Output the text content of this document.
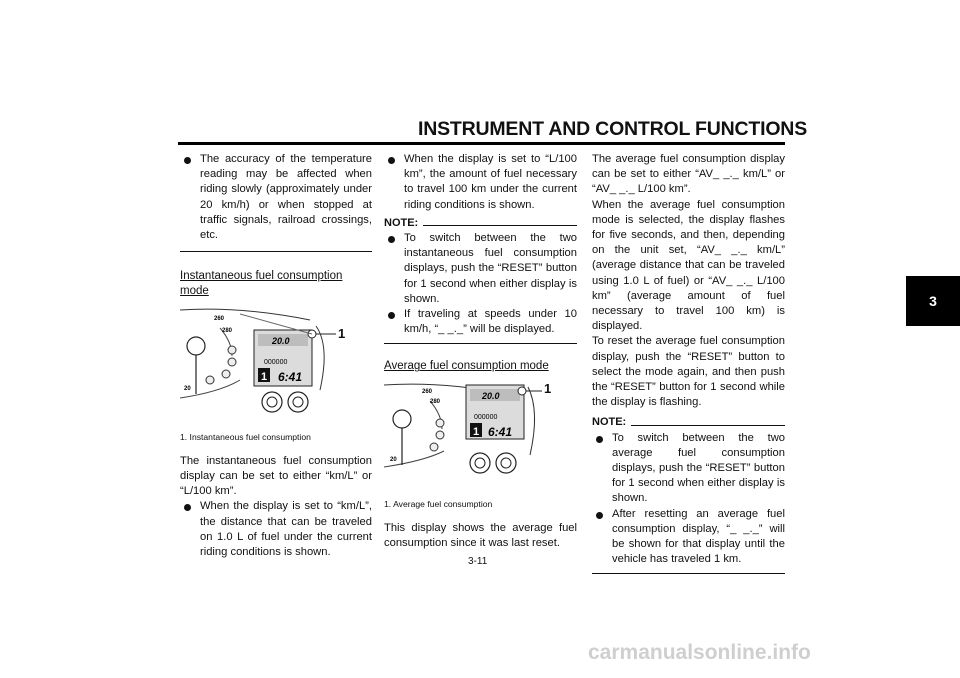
INSTRUMENT AND CONTROL FUNCTIONS
3
The accuracy of the temperature reading may be affected when riding slowly (approximately under 20 km/h) or when stopped at traffic signals, railroad crossings, etc.
Instantaneous fuel consumption mode
260
280
20
20.0
000000
1 6:41
1
1. Instantaneous fuel consumption

The instantaneous fuel consumption display can be set to either “km/L” or “L/100 km”.

When the display is set to “km/L”, the distance that can be traveled on 1.0 L of fuel under the current riding conditions is shown.
When the display is set to “L/100 km”, the amount of fuel necessary to travel 100 km under the current riding conditions is shown.
NOTE:
To switch between the two instantaneous fuel consumption displays, push the “RESET” button for 1 second when either display is shown.
If traveling at speeds under 10 km/h, “_ _._” will be displayed.
Average fuel consumption mode
260
280
20
20.0
000000
1 6:41
1
1. Average fuel consumption

This display shows the average fuel consumption since it was last reset.

The average fuel consumption display can be set to either “AV_ _._ km/L” or “AV_ _._ L/100 km”.

When the average fuel consumption mode is selected, the display flashes for five seconds, and then, depending on the unit set, “AV_ _._ km/L” (average distance that can be traveled using 1.0 L of fuel) or “AV_ _._ L/100 km” (average amount of fuel necessary to travel 100 km) is displayed.

To reset the average fuel consumption display, push the “RESET” button to select the mode again, and then push the “RESET” button for 1 second while the display is flashing.

NOTE:
To switch between the two average fuel consumption displays, push the “RESET” button for 1 second when either display is shown.
After resetting an average fuel consumption display, “_ _._” will be shown for that display until the vehicle has traveled 1 km.
3-11
carmanualsonline.info
